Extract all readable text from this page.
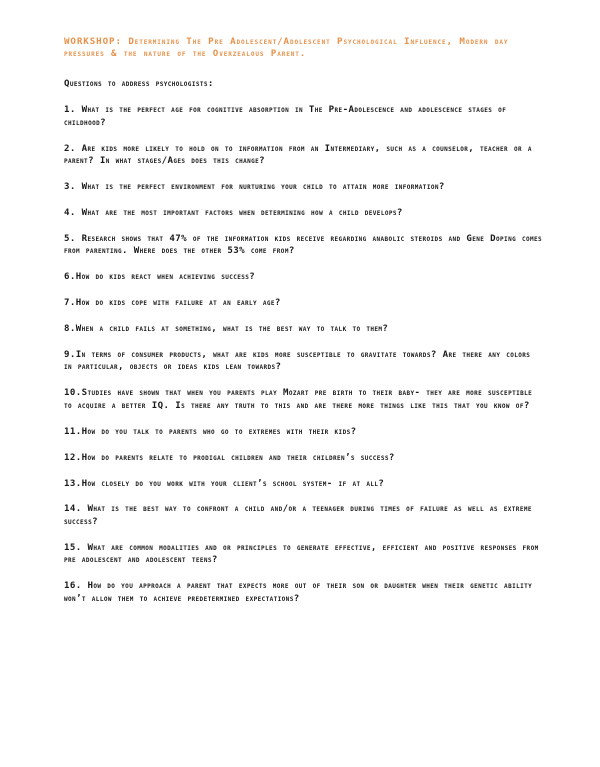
WORKSHOP: Determining The Pre Adolescent/Adolescent Psychological Influence, Modern day pressures & the nature of the Overzealous Parent.

Questions to address psychologists:

1. What is the perfect age for cognitive absorption in The Pre-Adolescence and adolescence stages of childhood?

2. Are kids more likely to hold on to information from an Intermediary, such as a counselor, teacher or a parent? In what stages/Ages does this change?

3. What is the perfect environment for nurturing your child to attain more information?

4. What are the most important factors when determining how a child develops?

5. Research shows that 47% of the information kids receive regarding anabolic steroids and Gene Doping comes from parenting. Where does the other 53% come from?

6.How do kids react when achieving success?

7.How do kids cope with failure at an early age?

8.When a child fails at something, what is the best way to talk to them?

9.In terms of consumer products, what are kids more susceptible to gravitate towards? Are there any colors in particular, objects or ideas kids lean towards?

10.Studies have shown that when you parents play Mozart pre birth to their baby- they are more susceptible to acquire a better IQ. Is there any truth to this and are there more things like this that you know of?

11.How do you talk to parents who go to extremes with their kids?

12.How do parents relate to prodigal children and their children’s success?

13.How closely do you work with your client’s school system- if at all?

14. What is the best way to confront a child and/or a teenager during times of failure as well as extreme success?

15. What are common modalities and or principles to generate effective, efficient and positive responses from pre adolescent and adolescent teens?

16. How do you approach a parent that expects more out of their son or daughter when their genetic ability won’t allow them to achieve predetermined expectations?
